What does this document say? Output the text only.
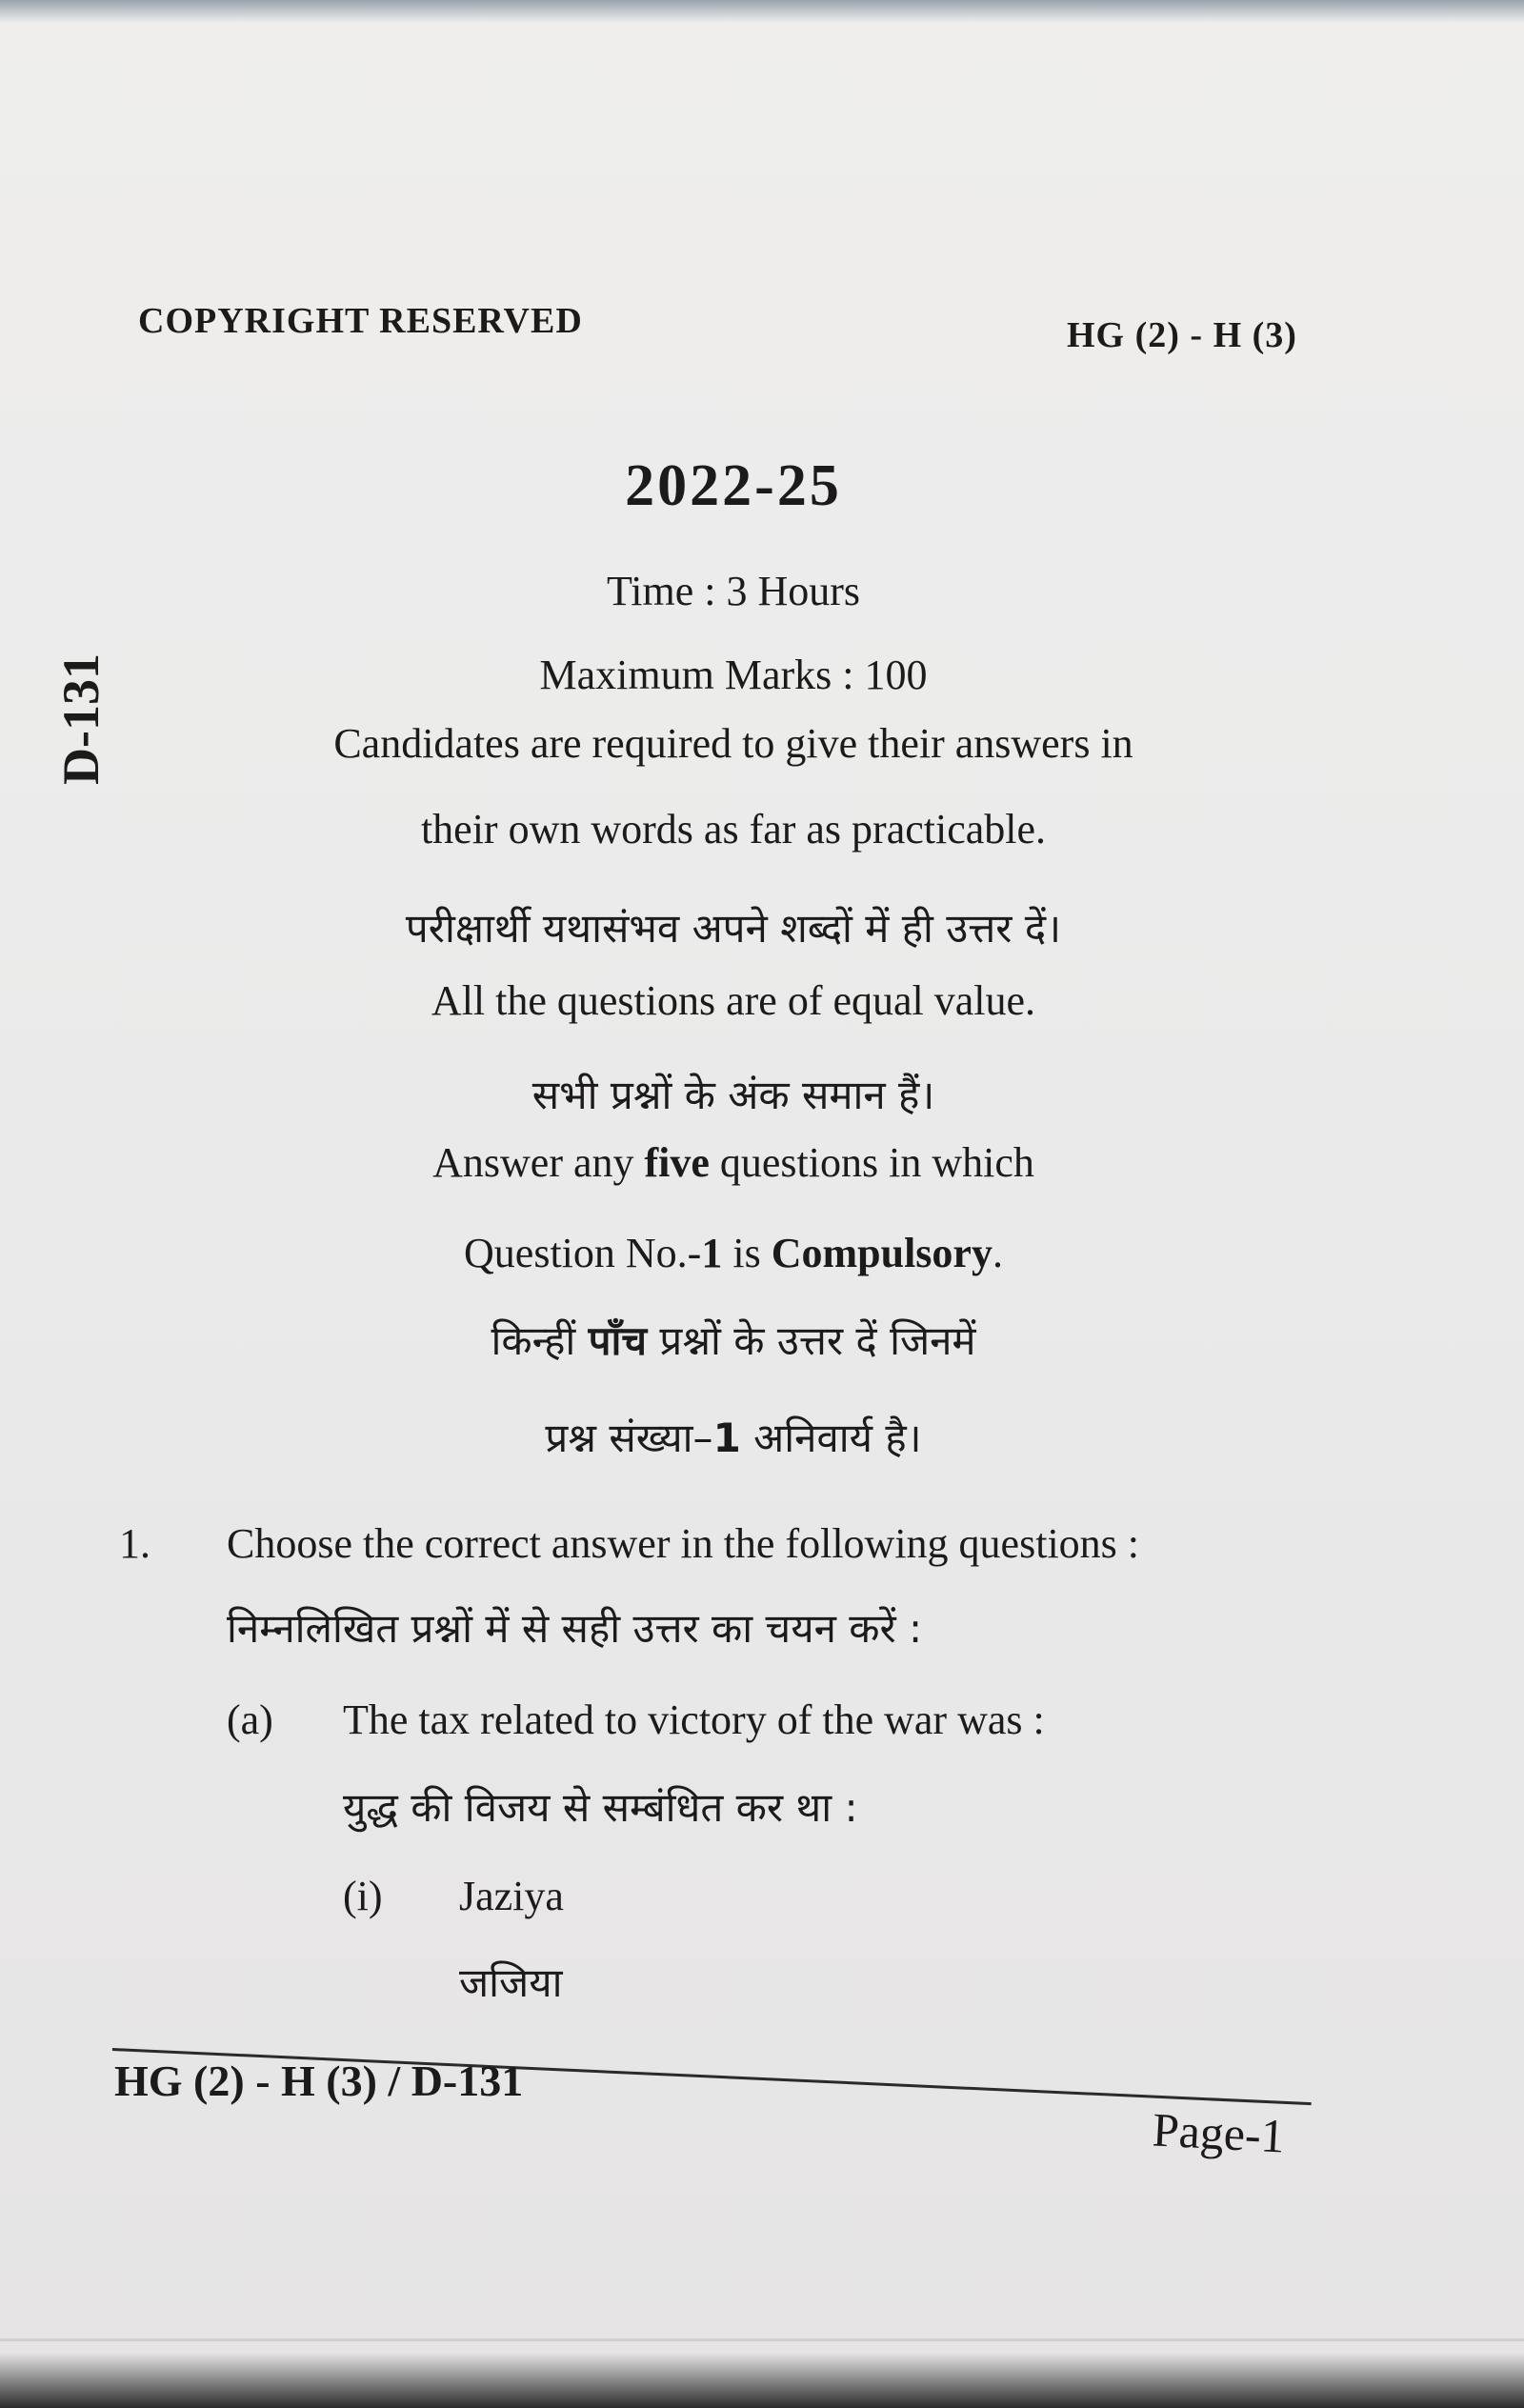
COPYRIGHT RESERVED	HG (2) - H (3)
D-131
2022-25
Time : 3 Hours
Maximum Marks : 100
Candidates are required to give their answers in
their own words as far as practicable.
परीक्षार्थी यथासंभव अपने शब्दों में ही उत्तर दें।
All the questions are of equal value.
सभी प्रश्नों के अंक समान हैं।
Answer any five questions in which
Question No.-1 is Compulsory.
किन्हीं पाँच प्रश्नों के उत्तर दें जिनमें
प्रश्न संख्या–1 अनिवार्य है।
1. Choose the correct answer in the following questions :
निम्नलिखित प्रश्नों में से सही उत्तर का चयन करें :
(a) The tax related to victory of the war was :
युद्ध की विजय से सम्बंधित कर था :
(i) Jaziya
जजिया
HG (2) - H (3) / D-131
Page-1
